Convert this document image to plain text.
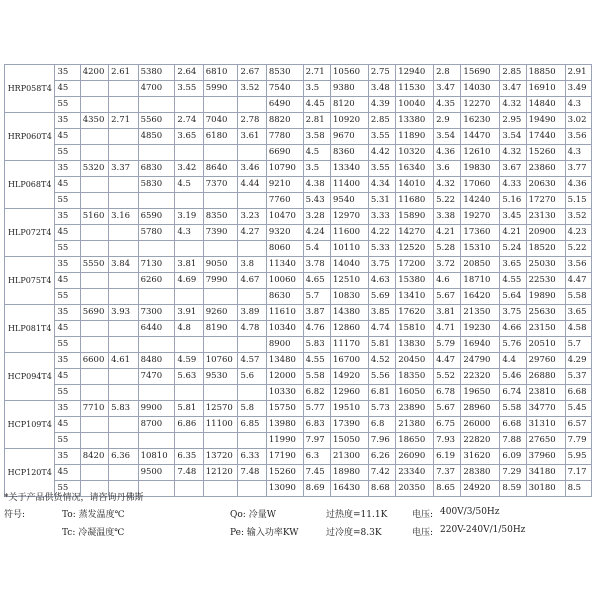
HRP058T4	35	4200	2.61	5380	2.64	6810	2.67	8530	2.71	10560	2.75	12940	2.8	15690	2.85	18850	2.91
	45			4700	3.55	5990	3.52	7540	3.5	9380	3.48	11530	3.47	14030	3.47	16910	3.49
	55							6490	4.45	8120	4.39	10040	4.35	12270	4.32	14840	4.3
HRP060T4	35	4350	2.71	5560	2.74	7040	2.78	8820	2.81	10920	2.85	13380	2.9	16230	2.95	19490	3.02
	45			4850	3.65	6180	3.61	7780	3.58	9670	3.55	11890	3.54	14470	3.54	17440	3.56
	55							6690	4.5	8360	4.42	10320	4.36	12610	4.32	15260	4.3
HLP068T4	35	5320	3.37	6830	3.42	8640	3.46	10790	3.5	13340	3.55	16340	3.6	19830	3.67	23860	3.77
	45			5830	4.5	7370	4.44	9210	4.38	11400	4.34	14010	4.32	17060	4.33	20630	4.36
	55							7760	5.43	9540	5.31	11680	5.22	14240	5.16	17270	5.15
HLP072T4	35	5160	3.16	6590	3.19	8350	3.23	10470	3.28	12970	3.33	15890	3.38	19270	3.45	23130	3.52
	45			5780	4.3	7390	4.27	9320	4.24	11600	4.22	14270	4.21	17360	4.21	20900	4.23
	55							8060	5.4	10110	5.33	12520	5.28	15310	5.24	18520	5.22
HLP075T4	35	5550	3.84	7130	3.81	9050	3.8	11340	3.78	14040	3.75	17200	3.72	20850	3.65	25030	3.56
	45			6260	4.69	7990	4.67	10060	4.65	12510	4.63	15380	4.6	18710	4.55	22530	4.47
	55							8630	5.7	10830	5.69	13410	5.67	16420	5.64	19890	5.58
HLP081T4	35	5690	3.93	7300	3.91	9260	3.89	11610	3.87	14380	3.85	17620	3.81	21350	3.75	25630	3.65
	45			6440	4.8	8190	4.78	10340	4.76	12860	4.74	15810	4.71	19230	4.66	23150	4.58
	55							8900	5.83	11170	5.81	13830	5.79	16940	5.76	20510	5.7
HCP094T4	35	6600	4.61	8480	4.59	10760	4.57	13480	4.55	16700	4.52	20450	4.47	24790	4.4	29760	4.29
	45			7470	5.63	9530	5.6	12000	5.58	14920	5.56	18350	5.52	22320	5.46	26880	5.37
	55							10330	6.82	12960	6.81	16050	6.78	19650	6.74	23810	6.68
HCP109T4	35	7710	5.83	9900	5.81	12570	5.8	15750	5.77	19510	5.73	23890	5.67	28960	5.58	34770	5.45
	45			8700	6.86	11100	6.85	13980	6.83	17390	6.8	21380	6.75	26000	6.68	31310	6.57
	55							11990	7.97	15050	7.96	18650	7.93	22820	7.88	27650	7.79
HCP120T4	35	8420	6.36	10810	6.35	13720	6.33	17190	6.3	21300	6.26	26090	6.19	31620	6.09	37960	5.95
	45			9500	7.48	12120	7.48	15260	7.45	18980	7.42	23340	7.37	28380	7.29	34180	7.17
	55							13090	8.69	16430	8.68	20350	8.65	24920	8.59	30180	8.5
*关于产品供货情况，请咨询丹佛斯
符号:	To: 蒸发温度℃
Tc: 冷凝温度℃
Qo: 冷量W
Pe: 输入功率KW
过热度=11.1K
过冷度=8.3K
电压: 400V/3/50Hz
电压: 220V-240V/1/50Hz
